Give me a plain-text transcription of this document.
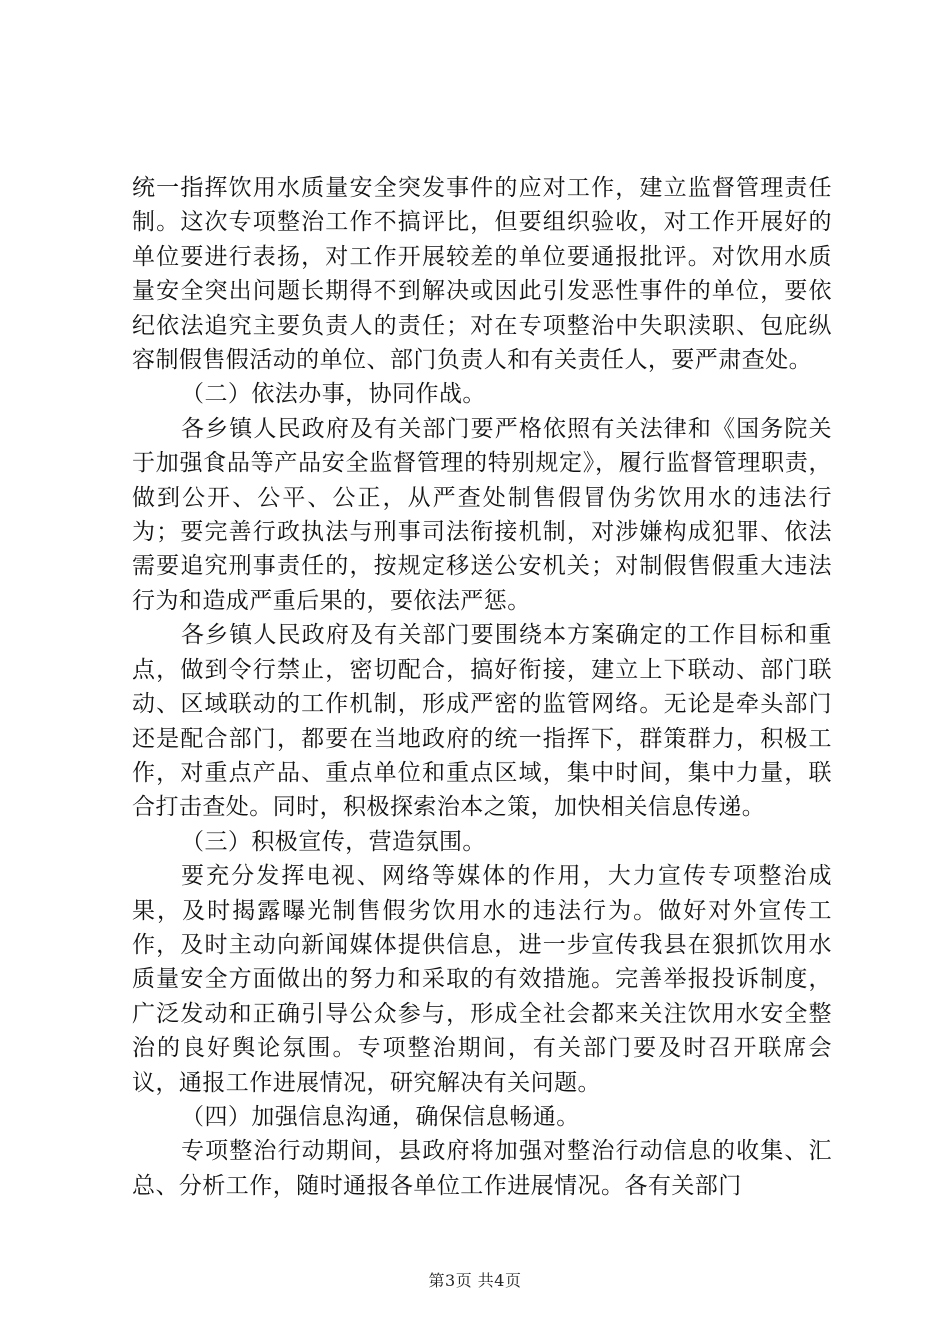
统一指挥饮用水质量安全突发事件的应对工作，建立监督管理责任制。这次专项整治工作不搞评比，但要组织验收，对工作开展好的单位要进行表扬，对工作开展较差的单位要通报批评。对饮用水质量安全突出问题长期得不到解决或因此引发恶性事件的单位，要依纪依法追究主要负责人的责任；对在专项整治中失职渎职、包庇纵容制假售假活动的单位、部门负责人和有关责任人，要严肃查处。

（二）依法办事，协同作战。

各乡镇人民政府及有关部门要严格依照有关法律和《国务院关于加强食品等产品安全监督管理的特别规定》，履行监督管理职责，做到公开、公平、公正，从严查处制售假冒伪劣饮用水的违法行为；要完善行政执法与刑事司法衔接机制，对涉嫌构成犯罪、依法需要追究刑事责任的，按规定移送公安机关；对制假售假重大违法行为和造成严重后果的，要依法严惩。

各乡镇人民政府及有关部门要围绕本方案确定的工作目标和重点，做到令行禁止，密切配合，搞好衔接，建立上下联动、部门联动、区域联动的工作机制，形成严密的监管网络。无论是牵头部门还是配合部门，都要在当地政府的统一指挥下，群策群力，积极工作，对重点产品、重点单位和重点区域，集中时间，集中力量，联合打击查处。同时，积极探索治本之策，加快相关信息传递。

（三）积极宣传，营造氛围。

要充分发挥电视、网络等媒体的作用，大力宣传专项整治成果，及时揭露曝光制售假劣饮用水的违法行为。做好对外宣传工作，及时主动向新闻媒体提供信息，进一步宣传我县在狠抓饮用水质量安全方面做出的努力和采取的有效措施。完善举报投诉制度，广泛发动和正确引导公众参与，形成全社会都来关注饮用水安全整治的良好舆论氛围。专项整治期间，有关部门要及时召开联席会议，通报工作进展情况，研究解决有关问题。

（四）加强信息沟通，确保信息畅通。

专项整治行动期间，县政府将加强对整治行动信息的收集、汇总、分析工作，随时通报各单位工作进展情况。各有关部门

第3页 共4页
